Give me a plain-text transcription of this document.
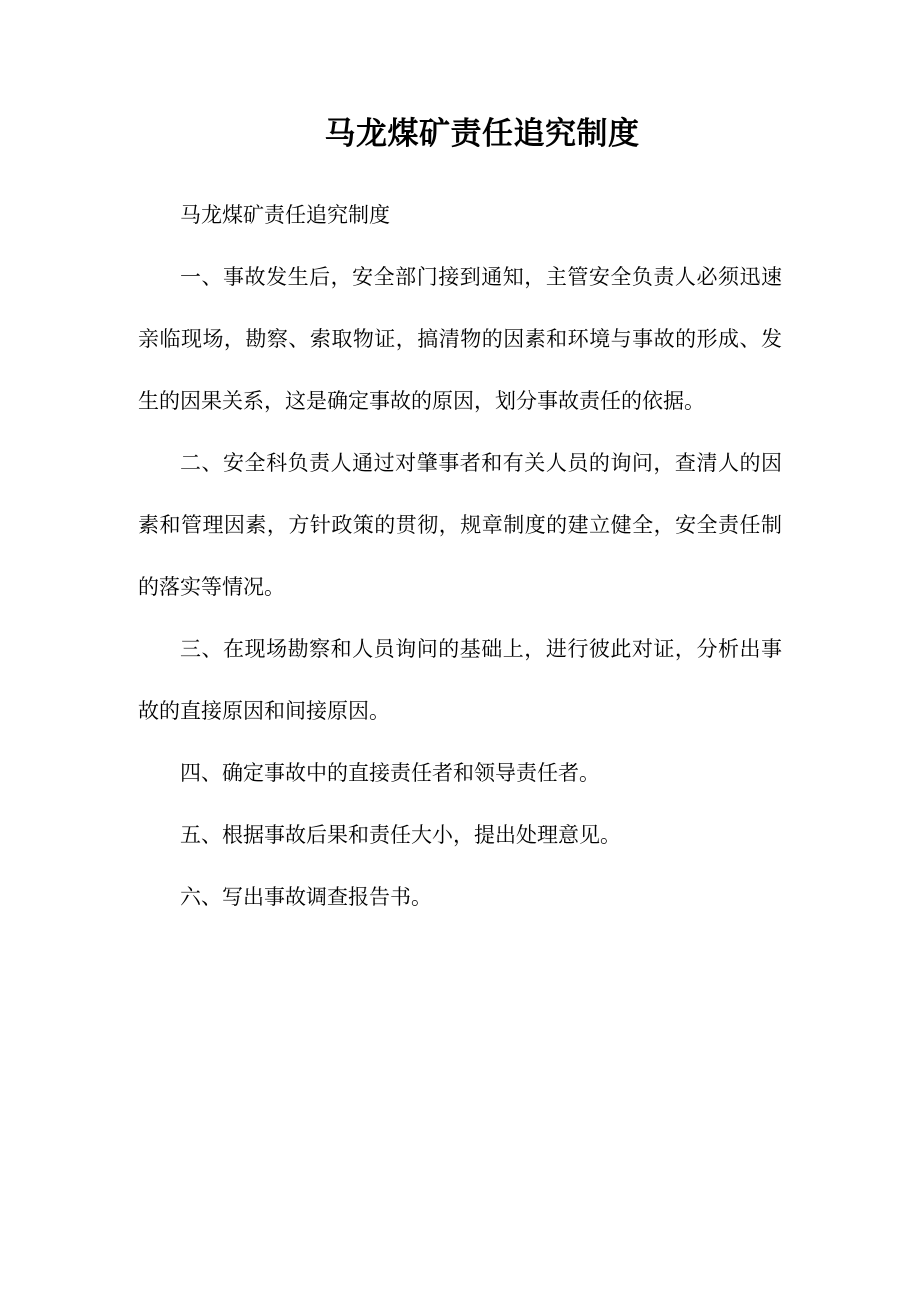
马龙煤矿责任追究制度

马龙煤矿责任追究制度

一、事故发生后，安全部门接到通知，主管安全负责人必须迅速亲临现场，勘察、索取物证，搞清物的因素和环境与事故的形成、发生的因果关系，这是确定事故的原因，划分事故责任的依据。

二、安全科负责人通过对肇事者和有关人员的询问，查清人的因素和管理因素，方针政策的贯彻，规章制度的建立健全，安全责任制的落实等情况。

三、在现场勘察和人员询问的基础上，进行彼此对证，分析出事故的直接原因和间接原因。

四、确定事故中的直接责任者和领导责任者。

五、根据事故后果和责任大小，提出处理意见。

六、写出事故调查报告书。
